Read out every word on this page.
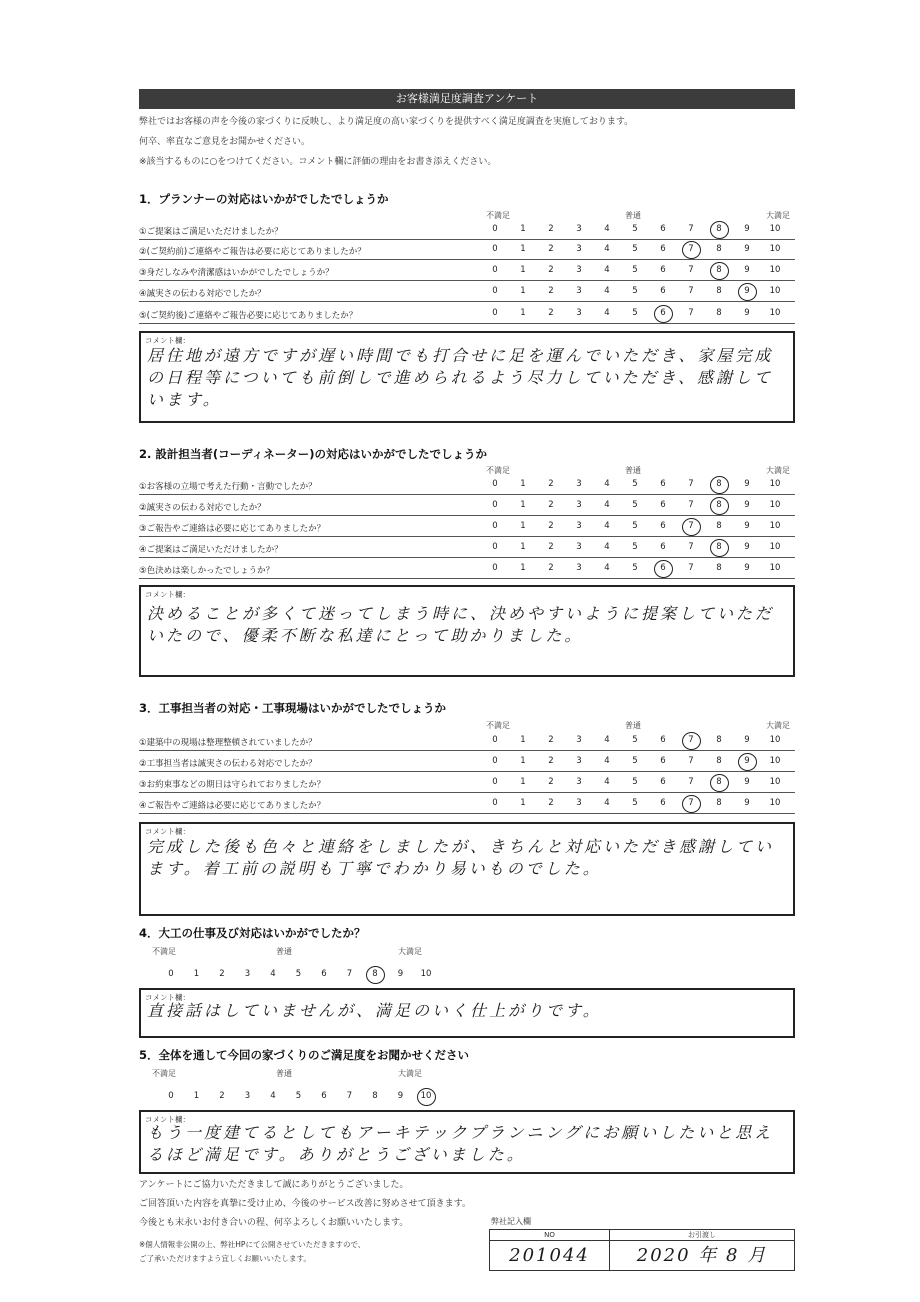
お客様満足度調査アンケート
弊社ではお客様の声を今後の家づくりに反映し、より満足度の高い家づくりを提供すべく満足度調査を実施しております。
何卒、率直なご意見をお聞かせください。
※該当するものに○をつけてください。コメント欄に評価の理由をお書き添えください。
1．プランナーの対応はいかがでしたでしょうか
不満足	普通	大満足
①ご提案はご満足いただけましたか？	0	1	2	3	4	5	6	7	8	9	10
②(ご契約前)ご連絡やご報告は必要に応じてありましたか？	0	1	2	3	4	5	6	7	8	9	10
③身だしなみや清潔感はいかがでしたでしょうか？	0	1	2	3	4	5	6	7	8	9	10
④誠実さの伝わる対応でしたか？	0	1	2	3	4	5	6	7	8	9	10
⑤(ご契約後)ご連絡やご報告必要に応じてありましたか？	0	1	2	3	4	5	6	7	8	9	10
コメント欄：
居住地が遠方ですが遅い時間でも打合せに足を運んでいただき、家屋完成の日程等についても前倒しで進められるよう尽力していただき、感謝しています。
2. 設計担当者(コーディネーター)の対応はいかがでしたでしょうか
不満足	普通	大満足
①お客様の立場で考えた行動・言動でしたか？	0	1	2	3	4	5	6	7	8	9	10
②誠実さの伝わる対応でしたか？	0	1	2	3	4	5	6	7	8	9	10
③ご報告やご連絡は必要に応じてありましたか？	0	1	2	3	4	5	6	7	8	9	10
④ご提案はご満足いただけましたか？	0	1	2	3	4	5	6	7	8	9	10
⑤色決めは楽しかったでしょうか？	0	1	2	3	4	5	6	7	8	9	10
コメント欄：
決めることが多くて迷ってしまう時に、決めやすいように提案していただいたので、優柔不断な私達にとって助かりました。
3．工事担当者の対応・工事現場はいかがでしたでしょうか
不満足	普通	大満足
①建築中の現場は整理整頓されていましたか？	0	1	2	3	4	5	6	7	8	9	10
②工事担当者は誠実さの伝わる対応でしたか？	0	1	2	3	4	5	6	7	8	9	10
③お約束事などの期日は守られておりましたか？	0	1	2	3	4	5	6	7	8	9	10
④ご報告やご連絡は必要に応じてありましたか？	0	1	2	3	4	5	6	7	8	9	10
コメント欄：
完成した後も色々と連絡をしましたが、きちんと対応いただき感謝しています。着工前の説明も丁寧でわかり易いものでした。
4．大工の仕事及び対応はいかがでしたか？
不満足	普通	大満足
0	1	2	3	4	5	6	7	8	9	10
コメント欄：
直接話はしていませんが、満足のいく仕上がりです。
5．全体を通して今回の家づくりのご満足度をお聞かせください
不満足	普通	大満足
0	1	2	3	4	5	6	7	8	9	10
コメント欄：
もう一度建てるとしてもアーキテックプランニングにお願いしたいと思えるほど満足です。ありがとうございました。
アンケートにご協力いただきまして誠にありがとうございました。
ご回答頂いた内容を真摯に受け止め、今後のサービス改善に努めさせて頂きます。
今後とも末永いお付き合いの程、何卒よろしくお願いいたします。
※個人情報非公開の上、弊社HPにて公開させていただきますので、
ご了承いただけますよう宜しくお願いいたします。
弊社記入欄
NO
201044
お引渡し
2020 年 8 月
